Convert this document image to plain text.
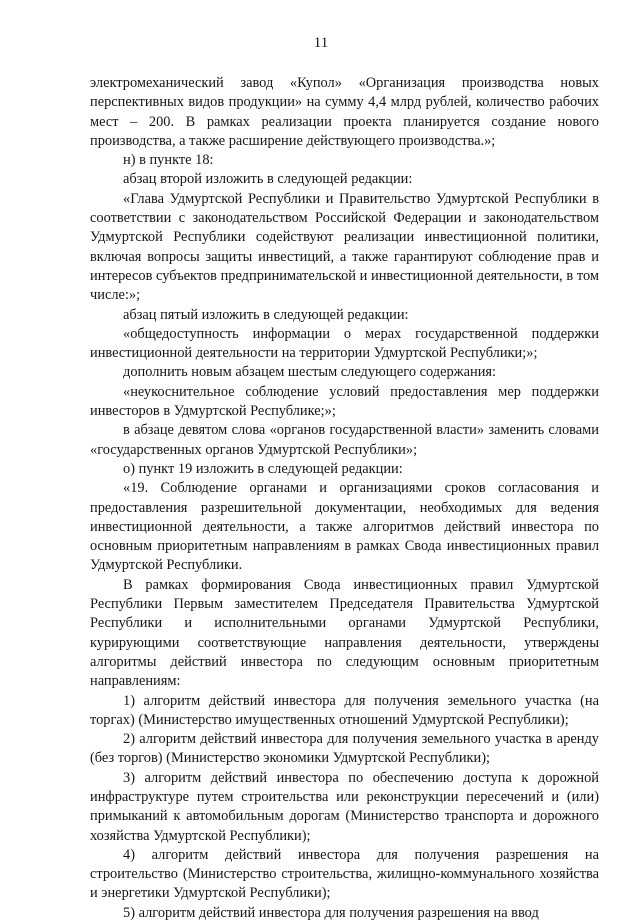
11

электромеханический завод «Купол» «Организация производства новых перспективных видов продукции» на сумму 4,4 млрд рублей, количество рабочих мест – 200. В рамках реализации проекта планируется создание нового производства, а также расширение действующего производства.»;

н) в пункте 18:

абзац второй изложить в следующей редакции:

«Глава Удмуртской Республики и Правительство Удмуртской Республики в соответствии с законодательством Российской Федерации и законодательством Удмуртской Республики содействуют реализации инвестиционной политики, включая вопросы защиты инвестиций, а также гарантируют соблюдение прав и интересов субъектов предпринимательской и инвестиционной деятельности, в том числе:»;

абзац пятый изложить в следующей редакции:

«общедоступность информации о мерах государственной поддержки инвестиционной деятельности на территории Удмуртской Республики;»;

дополнить новым абзацем шестым следующего содержания:

«неукоснительное соблюдение условий предоставления мер поддержки инвесторов в Удмуртской Республике;»;

в абзаце девятом слова «органов государственной власти» заменить словами «государственных органов Удмуртской Республики»;

о) пункт 19 изложить в следующей редакции:

«19. Соблюдение органами и организациями сроков согласования и предоставления разрешительной документации, необходимых для ведения инвестиционной деятельности, а также алгоритмов действий инвестора по основным приоритетным направлениям в рамках Свода инвестиционных правил Удмуртской Республики.

В рамках формирования Свода инвестиционных правил Удмуртской Республики Первым заместителем Председателя Правительства Удмуртской Республики и исполнительными органами Удмуртской Республики, курирующими соответствующие направления деятельности, утверждены алгоритмы действий инвестора по следующим основным приоритетным направлениям:

1) алгоритм действий инвестора для получения земельного участка (на торгах) (Министерство имущественных отношений Удмуртской Республики);

2) алгоритм действий инвестора для получения земельного участка в аренду (без торгов) (Министерство экономики Удмуртской Республики);

3) алгоритм действий инвестора по обеспечению доступа к дорожной инфраструктуре путем строительства или реконструкции пересечений и (или) примыканий к автомобильным дорогам (Министерство транспорта и дорожного хозяйства Удмуртской Республики);

4) алгоритм действий инвестора для получения разрешения на строительство (Министерство строительства, жилищно-коммунального хозяйства и энергетики Удмуртской Республики);

5) алгоритм действий инвестора для получения разрешения на ввод
